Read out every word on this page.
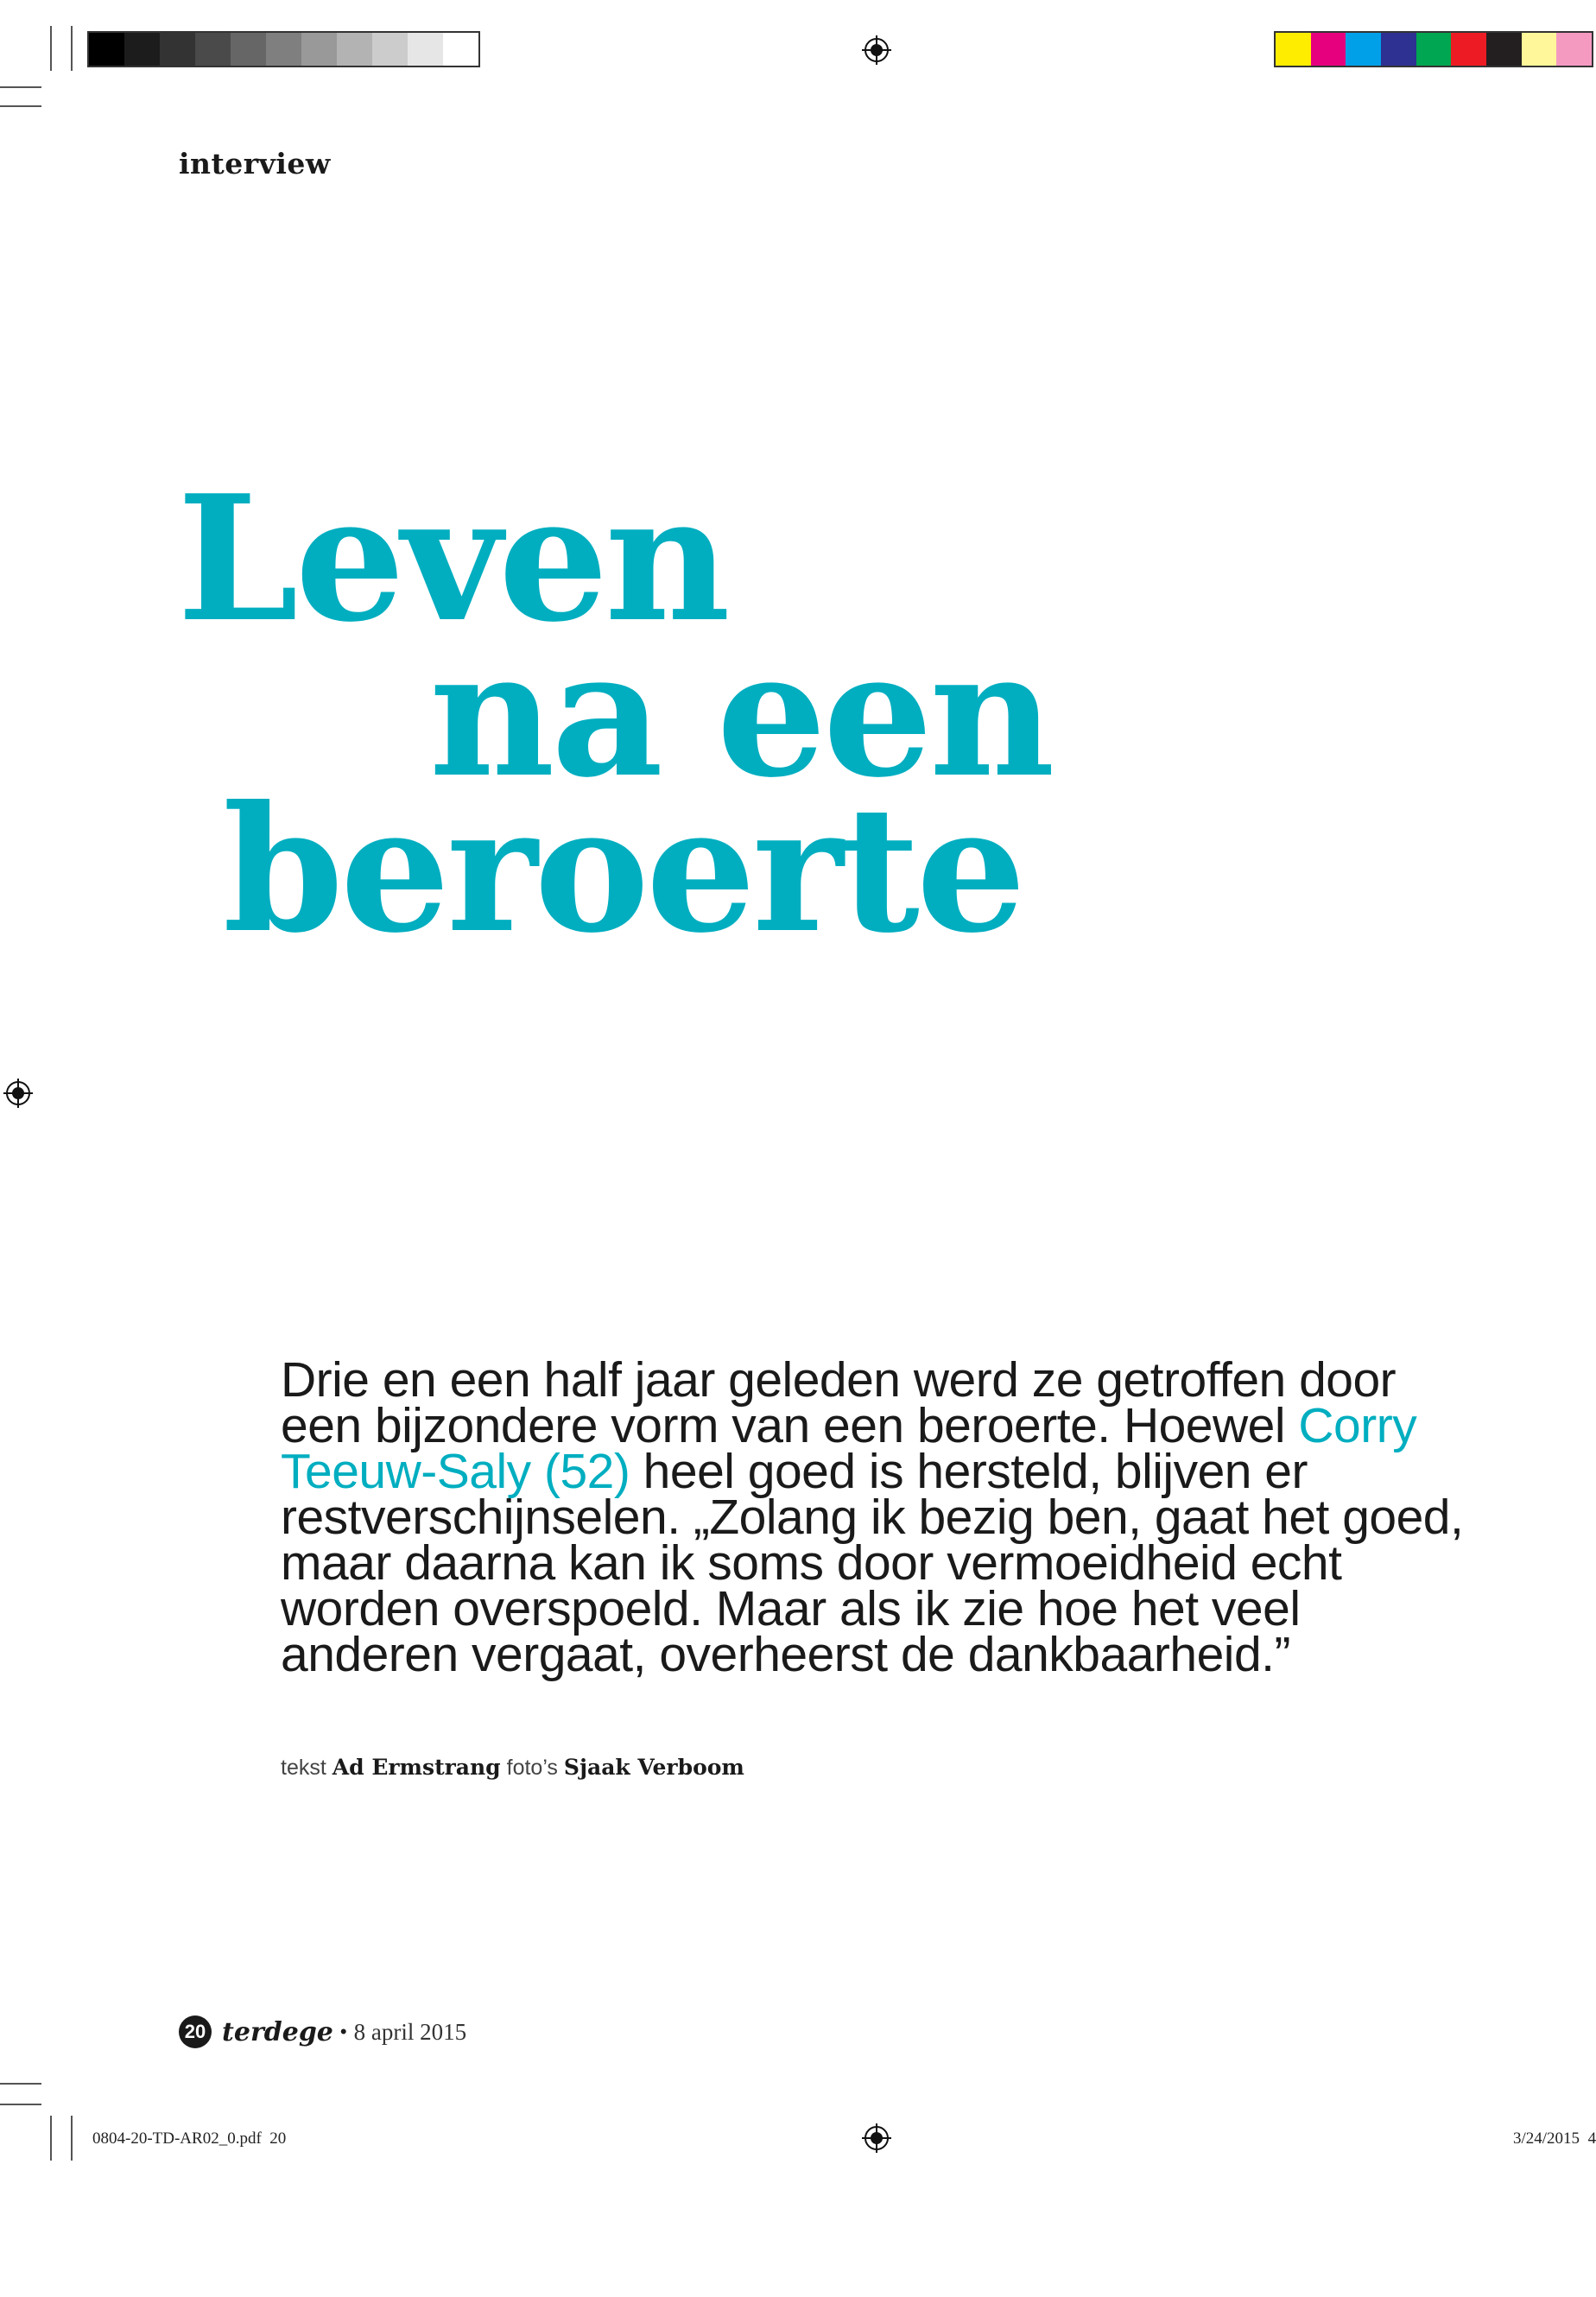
interview
Leven
na een
beroerte
Drie en een half jaar geleden werd ze getroffen door een bijzondere vorm van een beroerte. Hoewel Corry Teeuw-Saly (52) heel goed is hersteld, blijven er restverschijnselen. „Zolang ik bezig ben, gaat het goed, maar daarna kan ik soms door vermoeidheid echt worden overspoeld. Maar als ik zie hoe het veel anderen vergaat, overheerst de dankbaarheid.”
tekst Ad Ermstrang foto’s Sjaak Verboom
20 terdege • 8 april 2015
0804-20-TD-AR02_0.pdf 20	3/24/2015 4
